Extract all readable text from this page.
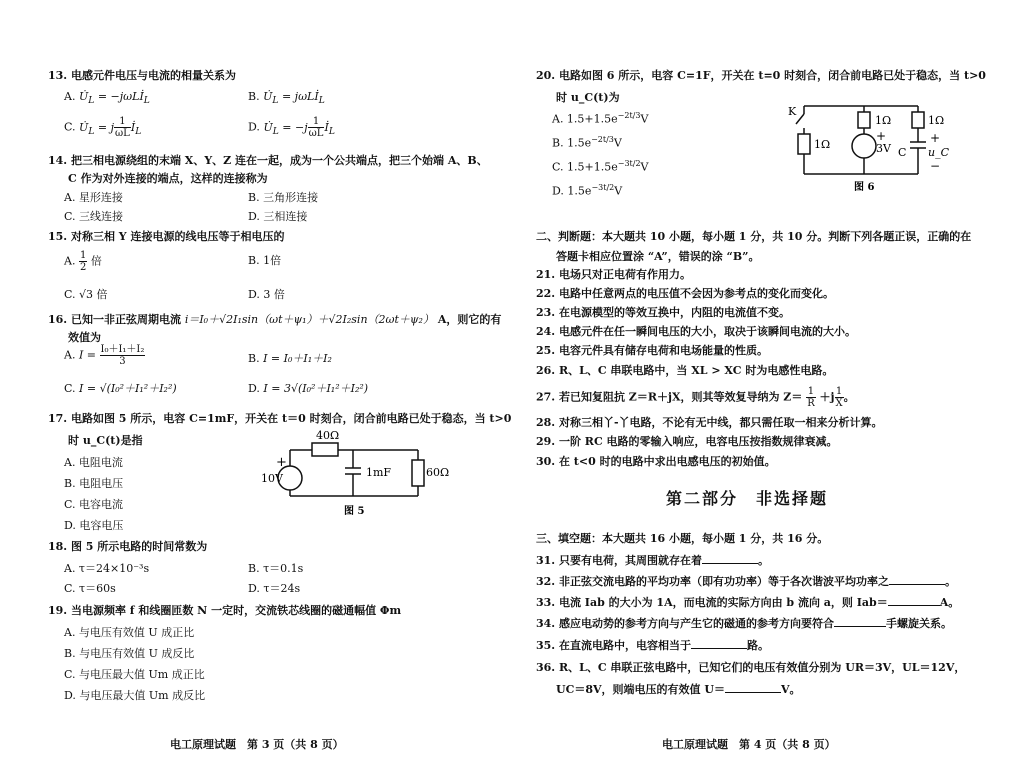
13. 电感元件电压与电流的相量关系为
A. $U̇_L$ = −jωLİ$_L$	B. $U̇_L$ = jωLİ$_L$
C. $U̇_L = j \frac{1}{\omega L}$ $İ_L$	D. $U̇_L = -j \frac{1}{\omega L}$ $İ_L$
14. 把三相电源绕组的末端 X、Y、Z 连在一起，成为一个公共端点，把三个始端 A、B、
C 作为对外连接的端点，这样的连接称为
A. 星形连接	B. 三角形连接
C. 三线连接	D. 三相连接
15. 对称三相 Y 连接电源的线电压等于相电压的
A. $\frac{1}{2}$ 倍	B. 1倍
C. √3 倍	D. 3 倍
16. 已知一非正弦周期电流 i＝I₀＋√2I₁sin（ωt＋ψ₁）＋√2I₂sin（2ωt＋ψ₂） A，则它的有
效值为
A. $I = \frac{\text{I₀＋I₁＋I₂}}{3}$	B. I = I₀＋I₁＋I₂
C. I = √(I₀²＋I₁²＋I₂²)	D. I = 3√(I₀²＋I₁²＋I₂²)
17. 电路如图 5 所示，电容 C=1mF，开关在 t＝0 时刻合，闭合前电路已处于稳态，当 t>0
时 u_C(t)是指
A. 电阻电流
B. 电阻电压
C. 电容电流
D. 电容电压
40Ω
10V
+
1mF	60Ω
图 5
18. 图 5 所示电路的时间常数为
A. τ＝24×10⁻³s	B. τ＝0.1s
C. τ＝60s	D. τ＝24s
19. 当电源频率 f 和线圈匝数 N 一定时，交流铁芯线圈的磁通幅值 Φm
A. 与电压有效值 U 成正比
B. 与电压有效值 U 成反比
C. 与电压最大值 Um 成正比
D. 与电压最大值 Um 成反比
电工原理试题　第 3 页（共 8 页）
20. 电路如图 6 所示，电容 C=1F，开关在 t=0 时刻合，闭合前电路已处于稳态，当 t>0
时 u_C(t)为
A. $1.5+1.5e^{-2t/3}V$
B. $1.5e^{-2t/3}V$
C. $1.5+1.5e^{-3t/2}V$
D. $1.5e^{-3t/2}V$
K
1Ω
1Ω	1Ω
+
3V C
+
u_C
−
图 6
二、判断题：本大题共 10 小题，每小题 1 分，共 10 分。判断下列各题正误，正确的在
答题卡相应位置涂 “A”，错误的涂 “B”。
21. 电场只对正电荷有作用力。
22. 电路中任意两点的电压值不会因为参考点的变化而变化。
23. 在电源模型的等效互换中，内阻的电流值不变。
24. 电感元件在任一瞬间电压的大小，取决于该瞬间电流的大小。
25. 电容元件具有储存电荷和电场能量的性质。
26. R、L、C 串联电路中，当 XL > XC 时为电感性电路。
27. 若已知复阻抗 Z＝R＋jX，则其等效复导纳为 $Z= \frac{1}{R} +j \frac{1}{X}$ 。
28. 对称三相丫-丫电路，不论有无中线，都只需任取一相来分析计算。
29. 一阶 RC 电路的零输入响应，电容电压按指数规律衰减。
30. 在 t<0 时的电路中求出电感电压的初始值。
第二部分　非选择题
三、填空题：本大题共 16 小题，每小题 1 分，共 16 分。
31. 只要有电荷，其周围就存在着	。
32. 非正弦交流电路的平均功率（即有功功率）等于各次谐波平均功率之	。
33. 电流 Iab 的大小为 1A，而电流的实际方向由 b 流向 a，则 Iab＝	A。
34. 感应电动势的参考方向与产生它的磁通的参考方向要符合	手螺旋关系。
35. 在直流电路中，电容相当于	路。
36. R、L、C 串联正弦电路中，已知它们的电压有效值分别为 UR＝3V，UL＝12V，
UC＝8V，则端电压的有效值 U＝	V。
电工原理试题　第 4 页（共 8 页）
